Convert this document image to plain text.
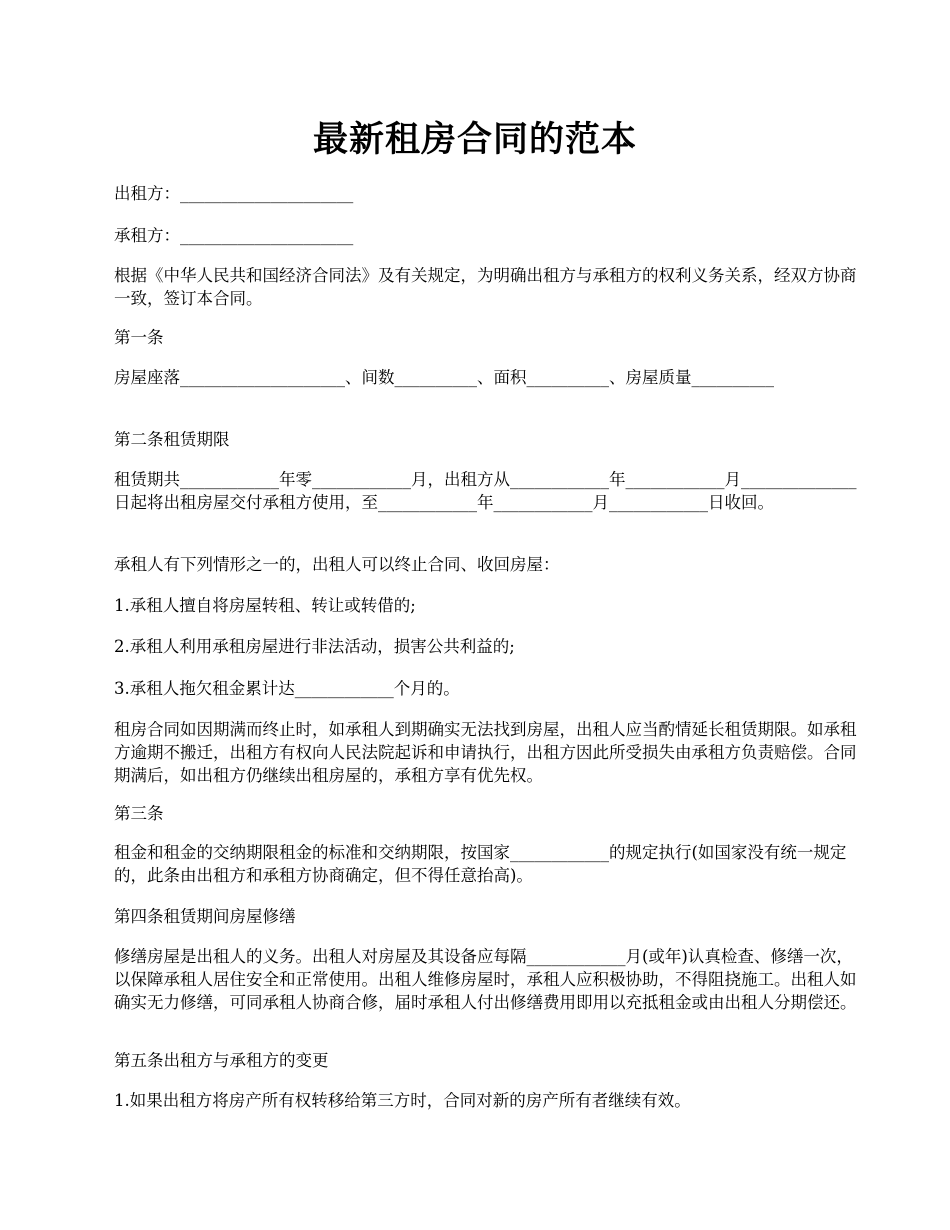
最新租房合同的范本
出租方：_____________________
承租方：_____________________
根据《中华人民共和国经济合同法》及有关规定，为明确出租方与承租方的权利义务关系，经双方协商一致，签订本合同。
第一条
房屋座落____________________、间数__________、面积__________、房屋质量__________
第二条租赁期限
租赁期共____________年零____________月，出租方从____________年____________月______________日起将出租房屋交付承租方使用，至____________年____________月____________日收回。
承租人有下列情形之一的，出租人可以终止合同、收回房屋：
1.承租人擅自将房屋转租、转让或转借的;
2.承租人利用承租房屋进行非法活动，损害公共利益的;
3.承租人拖欠租金累计达____________个月的。
租房合同如因期满而终止时，如承租人到期确实无法找到房屋，出租人应当酌情延长租赁期限。如承租方逾期不搬迁，出租方有权向人民法院起诉和申请执行，出租方因此所受损失由承租方负责赔偿。合同期满后，如出租方仍继续出租房屋的，承租方享有优先权。
第三条
租金和租金的交纳期限租金的标准和交纳期限，按国家____________的规定执行(如国家没有统一规定的，此条由出租方和承租方协商确定，但不得任意抬高)。
第四条租赁期间房屋修缮
修缮房屋是出租人的义务。出租人对房屋及其设备应每隔____________月(或年)认真检查、修缮一次，以保障承租人居住安全和正常使用。出租人维修房屋时，承租人应积极协助，不得阻挠施工。出租人如确实无力修缮，可同承租人协商合修，届时承租人付出修缮费用即用以充抵租金或由出租人分期偿还。
第五条出租方与承租方的变更
1.如果出租方将房产所有权转移给第三方时，合同对新的房产所有者继续有效。
